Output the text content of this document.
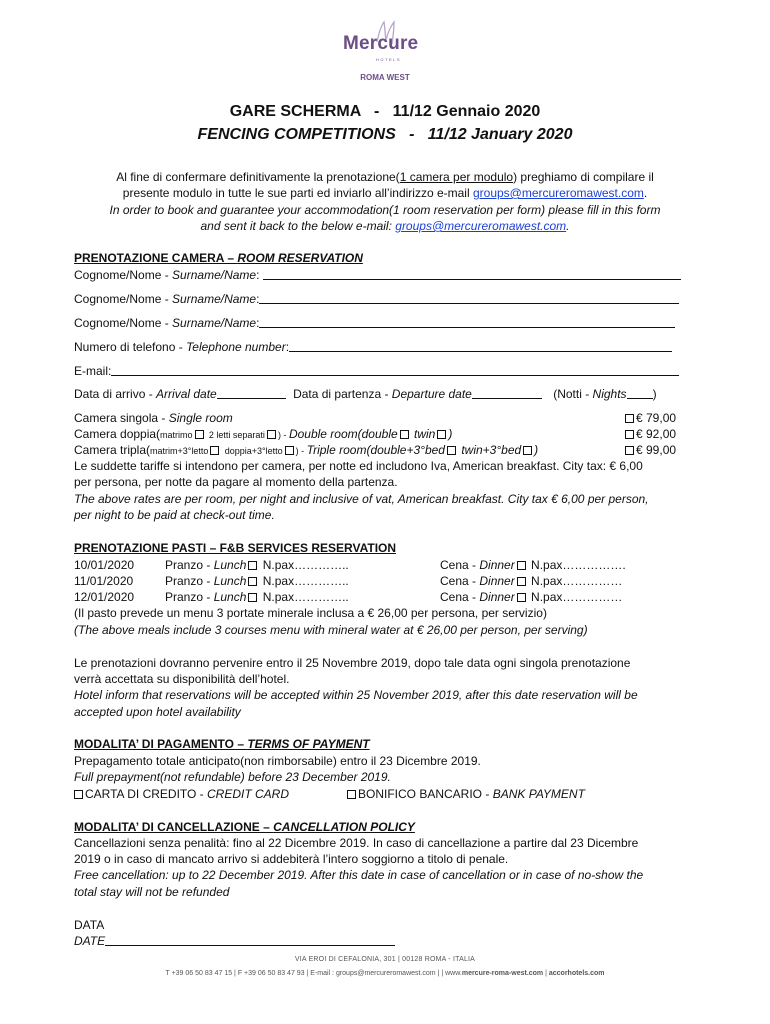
Mercure
HOTELS
ROMA WEST
GARE SCHERMA   -   11/12 Gennaio 2020
FENCING COMPETITIONS   -   11/12 January 2020
Al fine di confermare definitivamente la prenotazione(1 camera per modulo) preghiamo di compilare il
presente modulo in tutte le sue parti ed inviarlo all’indirizzo e-mail groups@mercureromawest.com.
In order to book and guarantee your accommodation(1 room reservation per form) please fill in this form
and sent it back to the below e-mail: groups@mercureromawest.com.
PRENOTAZIONE CAMERA – ROOM RESERVATION
Cognome/Nome - Surname/Name:
Cognome/Nome - Surname/Name:
Cognome/Nome - Surname/Name:
Numero di telefono - Telephone number:
E-mail:
Data di arrivo - Arrival date	Data di partenza - Departure date	(Notti - Nights )
Camera singola - Single room	€ 79,00
Camera doppia(matrimo 2 letti separati ) - Double room(double twin )	€ 92,00
Camera tripla(matrim+3°letto doppia+3°letto ) - Triple room(double+3°bed twin+3°bed )	€ 99,00
Le suddette tariffe si intendono per camera, per notte ed includono Iva, American breakfast. City tax: € 6,00
per persona, per notte da pagare al momento della partenza.
The above rates are per room, per night and inclusive of vat, American breakfast. City tax € 6,00 per person,
per night to be paid at check-out time.
PRENOTAZIONE PASTI – F&B SERVICES RESERVATION
10/01/2020	Pranzo - Lunch N.pax…………..	Cena - Dinner N.pax…………….
11/01/2020	Pranzo - Lunch N.pax…………..	Cena - Dinner N.pax……………
12/01/2020	Pranzo - Lunch N.pax…………..	Cena - Dinner N.pax……………
(Il pasto prevede un menu 3 portate minerale inclusa a € 26,00 per persona, per servizio)
(The above meals include 3 courses menu with mineral water at € 26,00 per person, per serving)
Le prenotazioni dovranno pervenire entro il 25 Novembre 2019, dopo tale data ogni singola prenotazione
verrà accettata su disponibilità dell’hotel.
Hotel inform that reservations will be accepted within 25 November 2019, after this date reservation will be
accepted upon hotel availability
MODALITA’ DI PAGAMENTO – TERMS OF PAYMENT
Prepagamento totale anticipato(non rimborsabile) entro il 23 Dicembre 2019.
Full prepayment(not refundable) before 23 December 2019.
CARTA DI CREDITO - CREDIT CARD	BONIFICO BANCARIO - BANK PAYMENT
MODALITA’ DI CANCELLAZIONE – CANCELLATION POLICY
Cancellazioni senza penalità: fino al 22 Dicembre 2019. In caso di cancellazione a partire dal 23 Dicembre
2019 o in caso di mancato arrivo si addebiterà l’intero soggiorno a titolo di penale.
Free cancellation: up to 22 December 2019. After this date in case of cancellation or in case of no-show the
total stay will not be refunded
DATA
DATE
VIA EROI DI CEFALONIA, 301 | 00128 ROMA - ITALIA
T +39 06 50 83 47 15 | F +39 06 50 83 47 93 | E-mail : groups@mercureromawest.com | | www.mercure-roma-west.com | accorhotels.com
